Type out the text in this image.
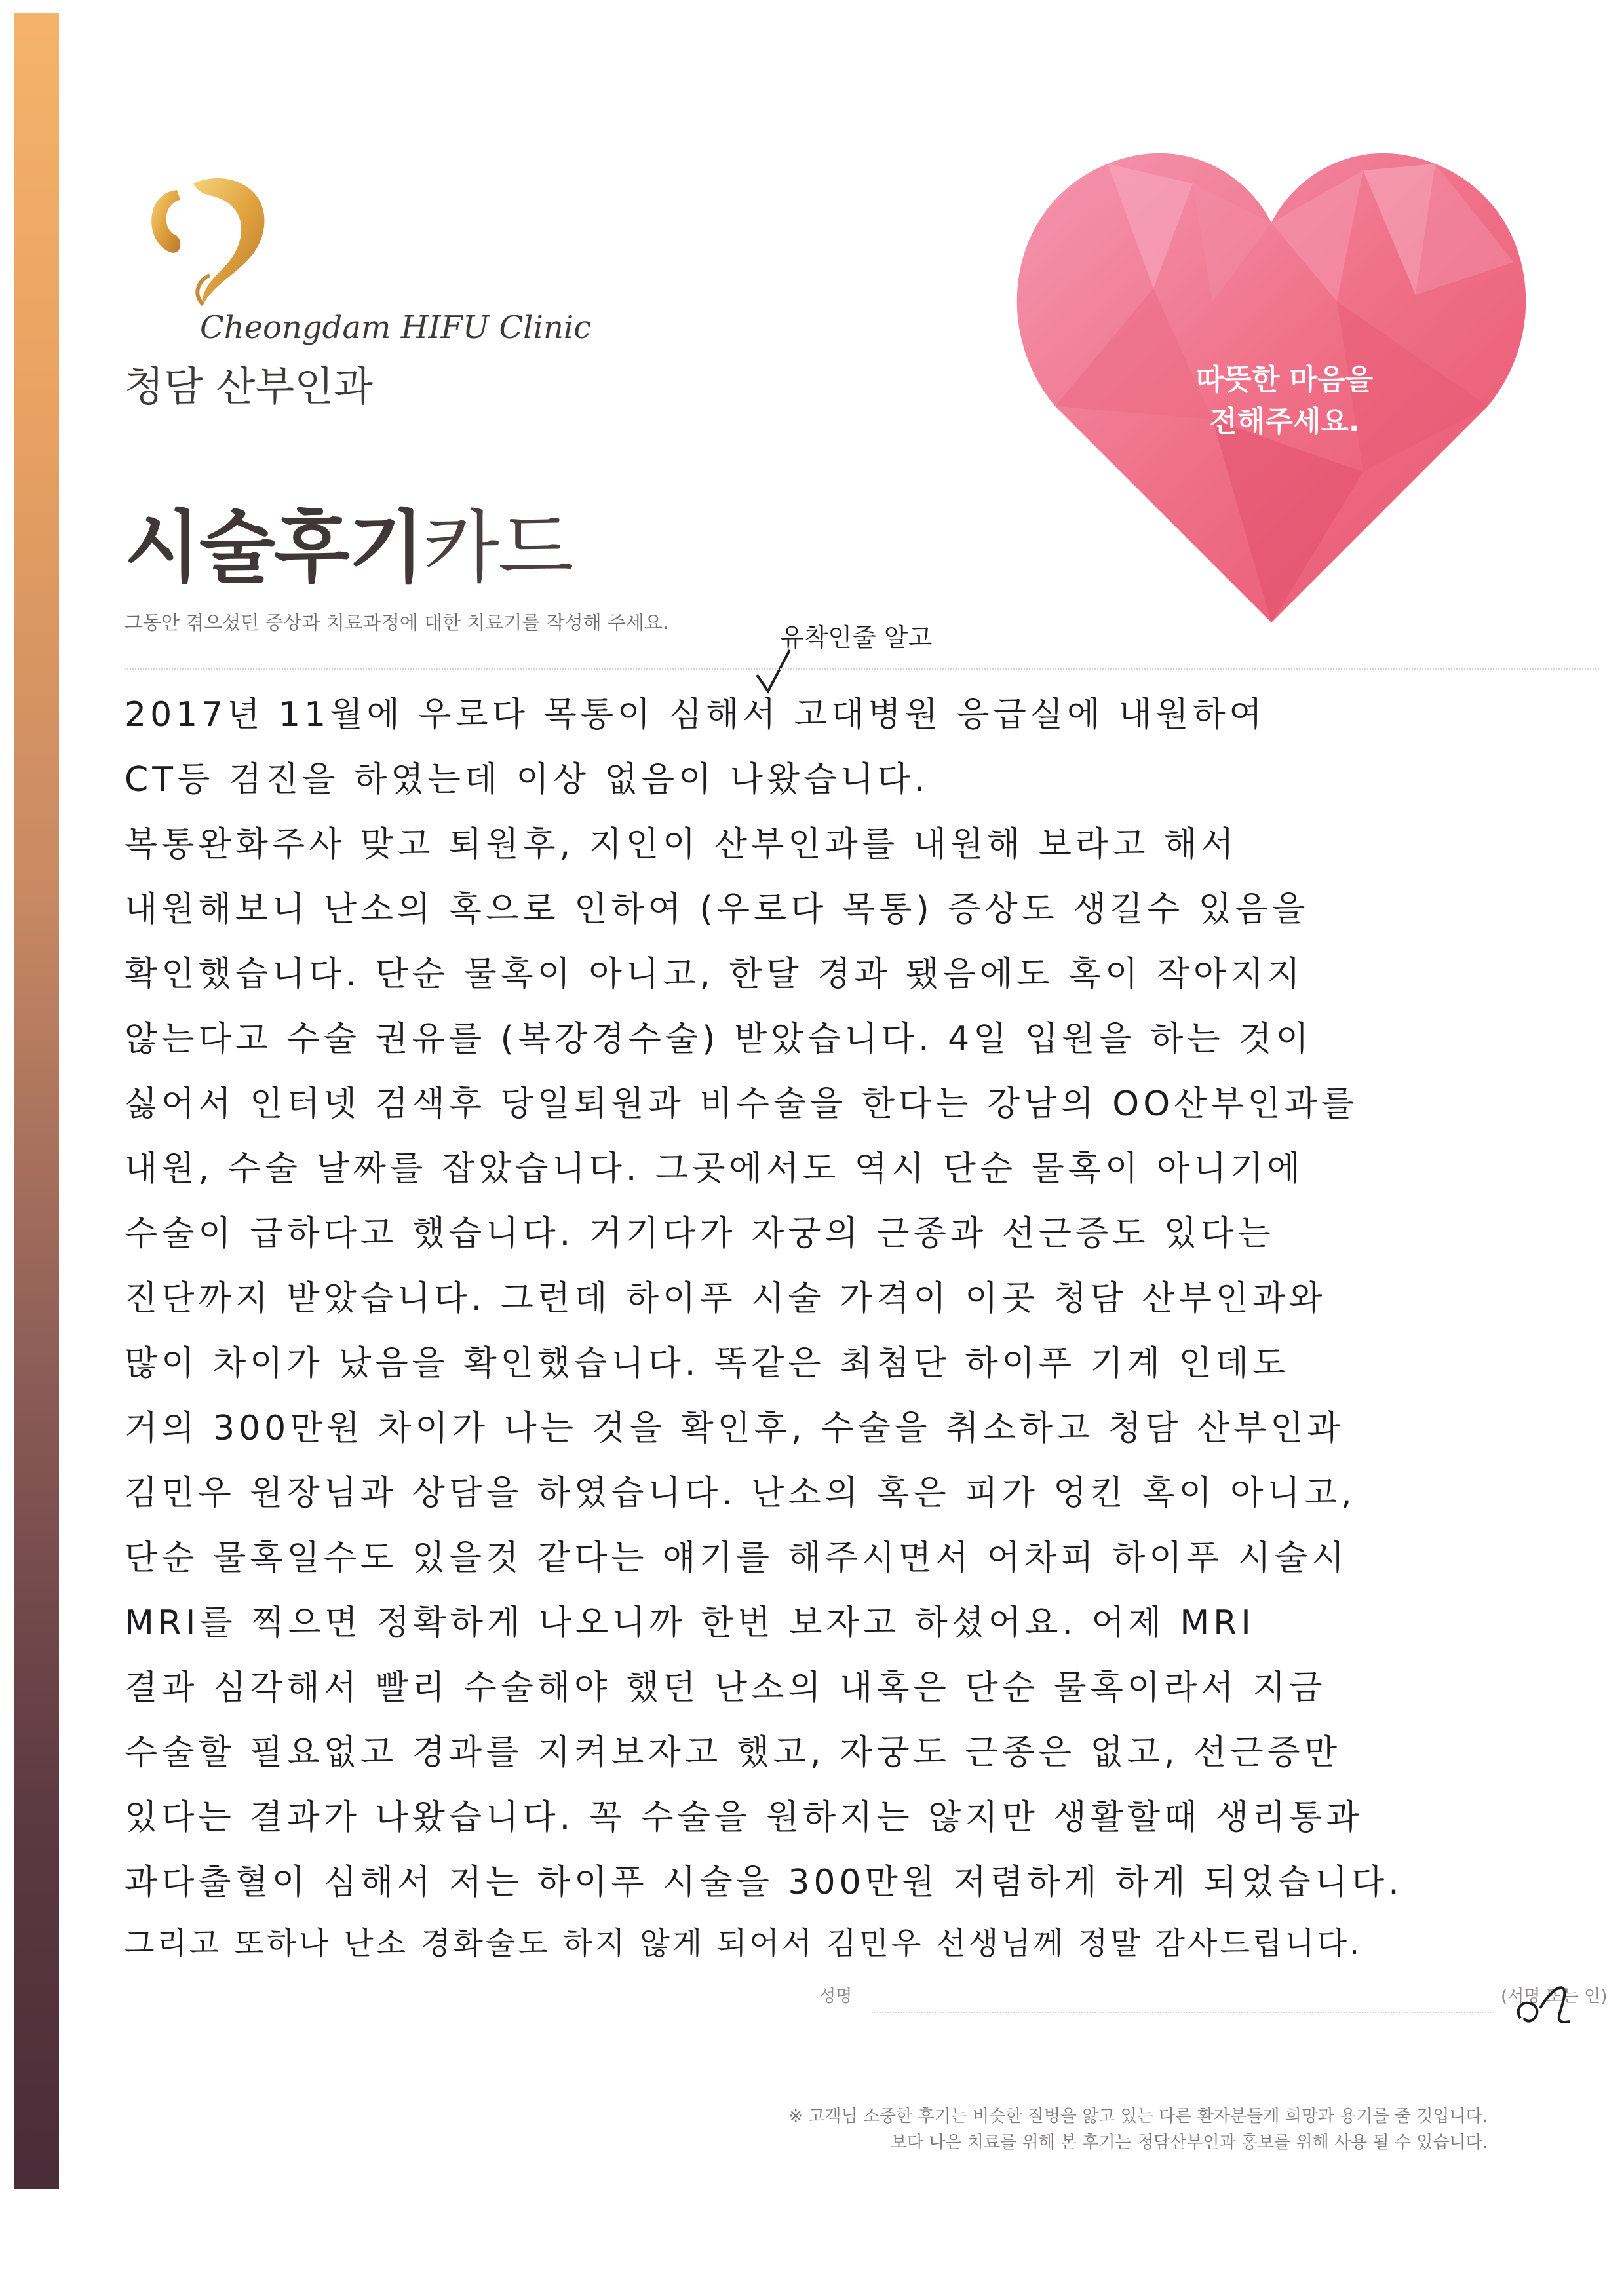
Cheongdam HIFU Clinic
청담 산부인과
시술후기카드
그동안 겪으셨던 증상과 치료과정에 대한 치료기를 작성해 주세요.
따뜻한 마음을
전해주세요.
유착인줄 알고
2017년 11월에 우로다 목통이 심해서 고대병원 응급실에 내원하여
CT등 검진을 하였는데 이상 없음이 나왔습니다.
복통완화주사 맞고 퇴원후, 지인이 산부인과를 내원해 보라고 해서
내원해보니 난소의 혹으로 인하여 (우로다 목통) 증상도 생길수 있음을
확인했습니다. 단순 물혹이 아니고, 한달 경과 됐음에도 혹이 작아지지
않는다고 수술 권유를 (복강경수술) 받았습니다. 4일 입원을 하는 것이
싫어서 인터넷 검색후 당일퇴원과 비수술을 한다는 강남의 OO산부인과를
내원, 수술 날짜를 잡았습니다. 그곳에서도 역시 단순 물혹이 아니기에
수술이 급하다고 했습니다. 거기다가 자궁의 근종과 선근증도 있다는
진단까지 받았습니다. 그런데 하이푸 시술 가격이 이곳 청담 산부인과와
많이 차이가 났음을 확인했습니다. 똑같은 최첨단 하이푸 기계 인데도
거의 300만원 차이가 나는 것을 확인후, 수술을 취소하고 청담 산부인과
김민우 원장님과 상담을 하였습니다. 난소의 혹은 피가 엉킨 혹이 아니고,
단순 물혹일수도 있을것 같다는 얘기를 해주시면서 어차피 하이푸 시술시
MRI를 찍으면 정확하게 나오니까 한번 보자고 하셨어요. 어제 MRI
결과 심각해서 빨리 수술해야 했던 난소의 내혹은 단순 물혹이라서 지금
수술할 필요없고 경과를 지켜보자고 했고, 자궁도 근종은 없고, 선근증만
있다는 결과가 나왔습니다. 꼭 수술을 원하지는 않지만 생활할때 생리통과
과다출혈이 심해서 저는 하이푸 시술을 300만원 저렴하게 하게 되었습니다.
그리고 또하나 난소 경화술도 하지 않게 되어서 김민우 선생님께 정말 감사드립니다.
성명	(서명 또는 인)
※ 고객님 소중한 후기는 비슷한 질병을 앓고 있는 다른 환자분들게 희망과 용기를 줄 것입니다.
보다 나은 치료를 위해 본 후기는 청담산부인과 홍보를 위해 사용 될 수 있습니다.
